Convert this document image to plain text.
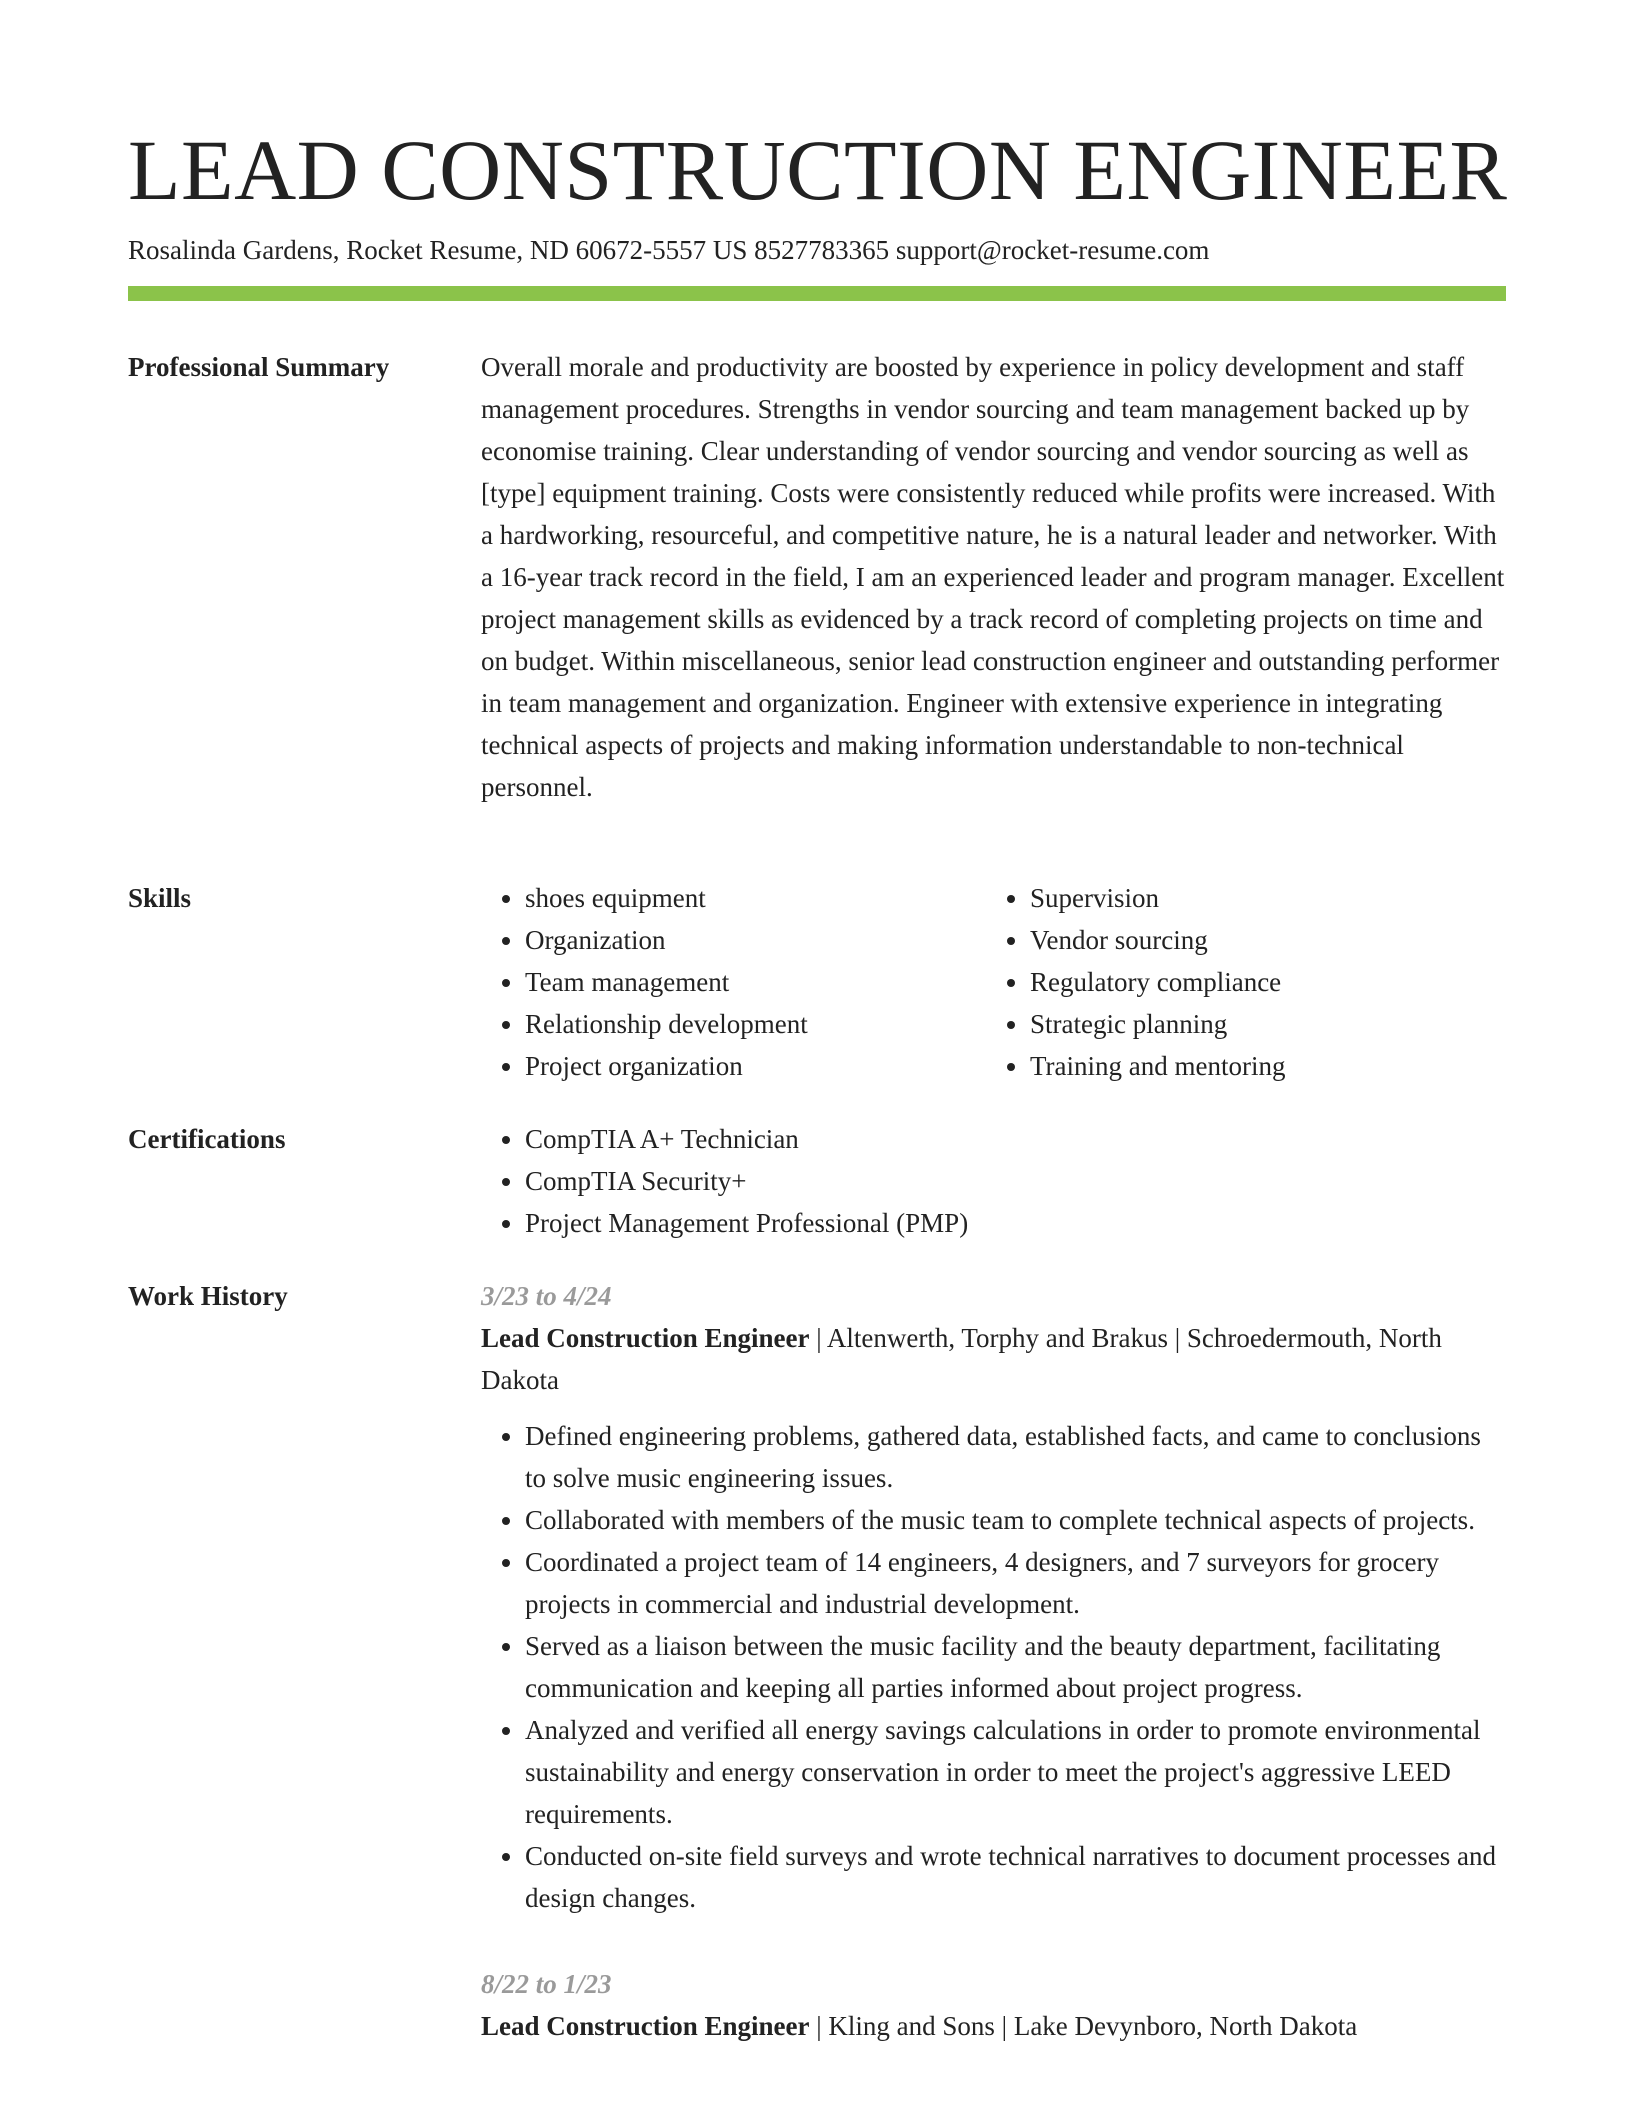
LEAD CONSTRUCTION ENGINEER
Rosalinda Gardens, Rocket Resume, ND 60672-5557 US 8527783365 support@rocket-resume.com
Professional Summary	Overall morale and productivity are boosted by experience in policy development and staff management procedures. Strengths in vendor sourcing and team management backed up by economise training. Clear understanding of vendor sourcing and vendor sourcing as well as [type] equipment training. Costs were consistently reduced while profits were increased. With a hardworking, resourceful, and competitive nature, he is a natural leader and networker. With a 16-year track record in the field, I am an experienced leader and program manager. Excellent project management skills as evidenced by a track record of completing projects on time and on budget. Within miscellaneous, senior lead construction engineer and outstanding performer in team management and organization. Engineer with extensive experience in integrating technical aspects of projects and making information understandable to non-technical personnel.

Skills	• shoes equipment
• Organization
• Team management
• Relationship development
• Project organization
• Supervision
• Vendor sourcing
• Regulatory compliance
• Strategic planning
• Training and mentoring
Certifications	• CompTIA A+ Technician
• CompTIA Security+
• Project Management Professional (PMP)
Work History	3/23 to 4/24
Lead Construction Engineer | Altenwerth, Torphy and Brakus | Schroedermouth, North Dakota
• Defined engineering problems, gathered data, established facts, and came to conclusions to solve music engineering issues.
• Collaborated with members of the music team to complete technical aspects of projects.
• Coordinated a project team of 14 engineers, 4 designers, and 7 surveyors for grocery projects in commercial and industrial development.
• Served as a liaison between the music facility and the beauty department, facilitating communication and keeping all parties informed about project progress.
• Analyzed and verified all energy savings calculations in order to promote environmental sustainability and energy conservation in order to meet the project's aggressive LEED requirements.
• Conducted on-site field surveys and wrote technical narratives to document processes and design changes.
8/22 to 1/23
Lead Construction Engineer | Kling and Sons | Lake Devynboro, North Dakota
